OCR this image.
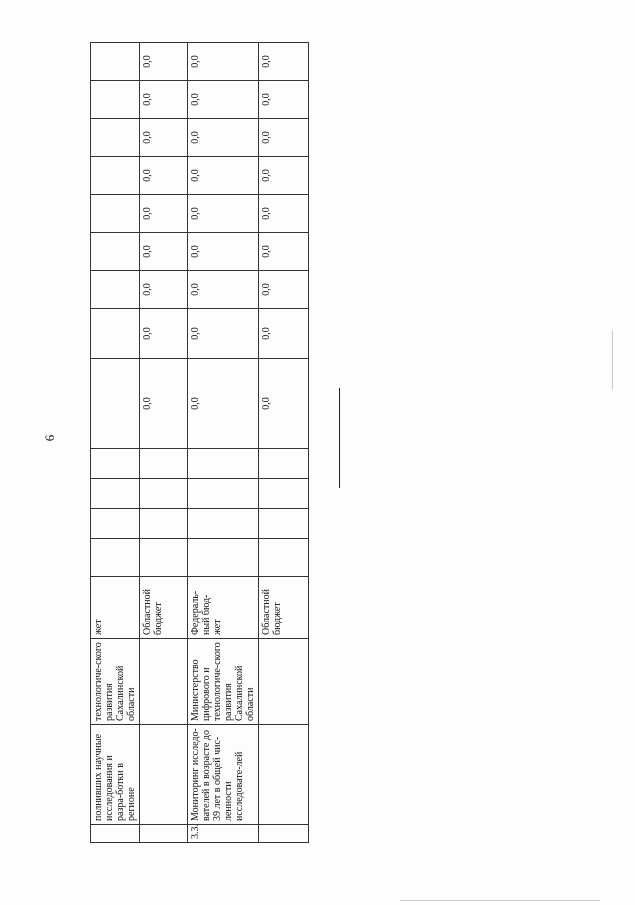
6
	полнивших научные исследования и разра-ботки в регионе	технологиче-ского развития Сахалинской области	жет													
			Областной бюджет					0,0	0,0	0,0	0,0	0,0	0,0	0,0	0,0	0,0
3.3.	Мониторинг исследо-вателей в возрасте до 39 лет в общей чис-ленности исследовате-лей	Министерство цифрового и технологиче-ского развития Сахалинской области	Федераль-ный бюд-жет					0,0	0,0	0,0	0,0	0,0	0,0	0,0	0,0	0,0
			Областной бюджет					0,0	0,0	0,0	0,0	0,0	0,0	0,0	0,0	0,0
